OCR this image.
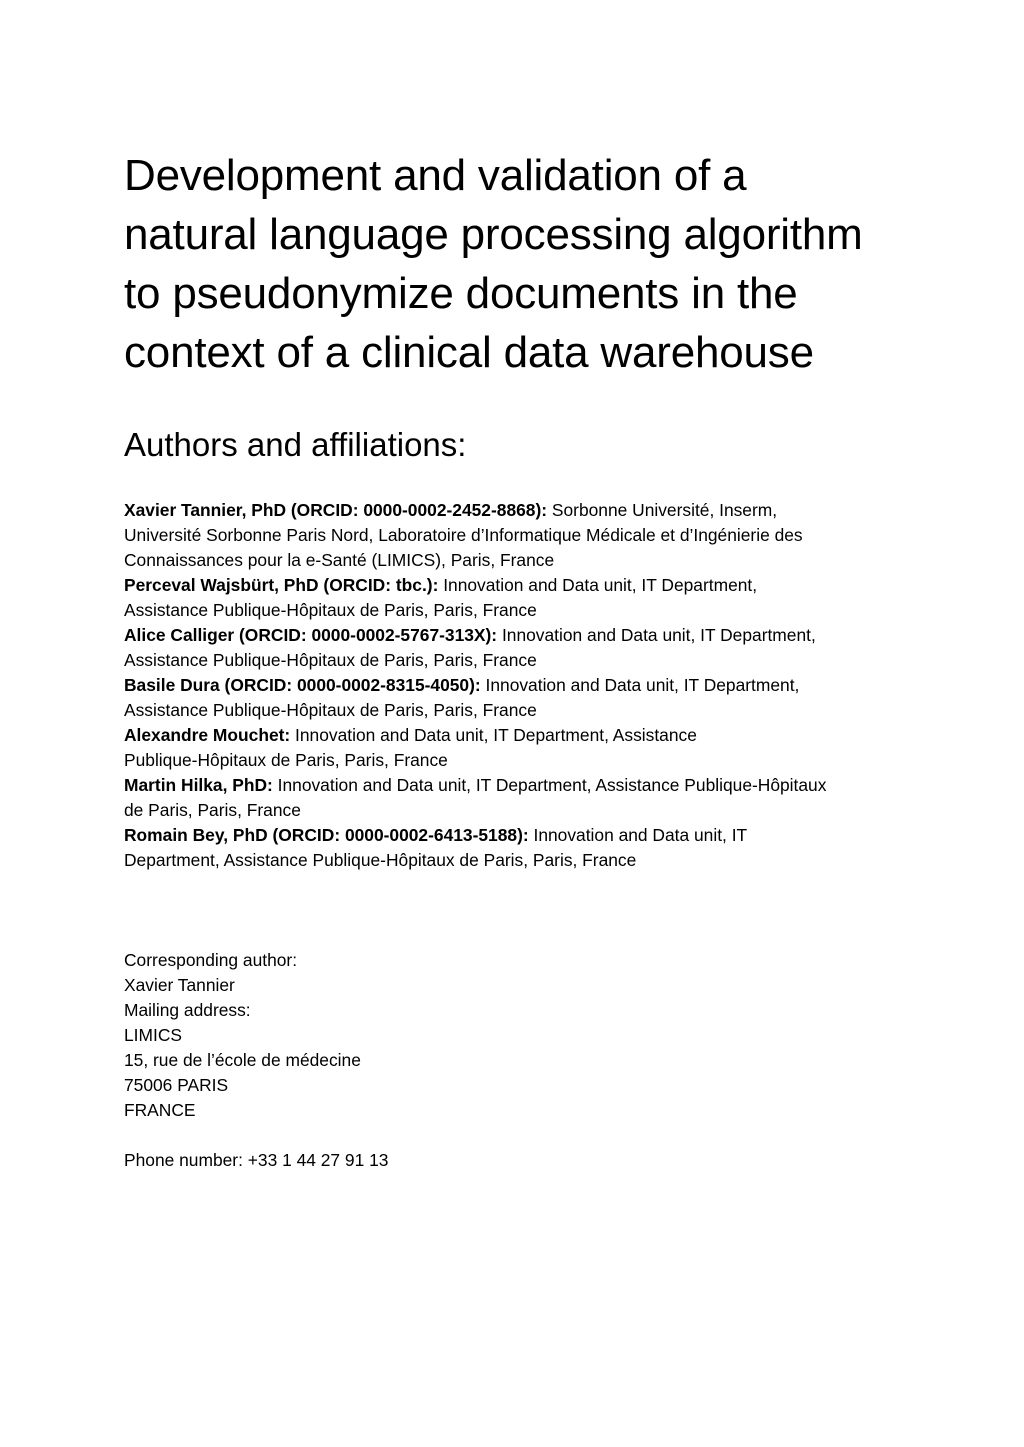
Development and validation of a
natural language processing algorithm
to pseudonymize documents in the
context of a clinical data warehouse
Authors and affiliations:
Xavier Tannier, PhD (ORCID: 0000-0002-2452-8868): Sorbonne Université, Inserm,
Université Sorbonne Paris Nord, Laboratoire d’Informatique Médicale et d’Ingénierie des
Connaissances pour la e-Santé (LIMICS), Paris, France
Perceval Wajsbürt, PhD (ORCID: tbc.): Innovation and Data unit, IT Department,
Assistance Publique-Hôpitaux de Paris, Paris, France
Alice Calliger (ORCID: 0000-0002-5767-313X): Innovation and Data unit, IT Department,
Assistance Publique-Hôpitaux de Paris, Paris, France
Basile Dura (ORCID: 0000-0002-8315-4050): Innovation and Data unit, IT Department,
Assistance Publique-Hôpitaux de Paris, Paris, France
Alexandre Mouchet: Innovation and Data unit, IT Department, Assistance
Publique-Hôpitaux de Paris, Paris, France
Martin Hilka, PhD: Innovation and Data unit, IT Department, Assistance Publique-Hôpitaux
de Paris, Paris, France
Romain Bey, PhD (ORCID: 0000-0002-6413-5188): Innovation and Data unit, IT
Department, Assistance Publique-Hôpitaux de Paris, Paris, France
Corresponding author:
Xavier Tannier
Mailing address:
LIMICS
15, rue de l’école de médecine
75006 PARIS
FRANCE
Phone number: +33 1 44 27 91 13
